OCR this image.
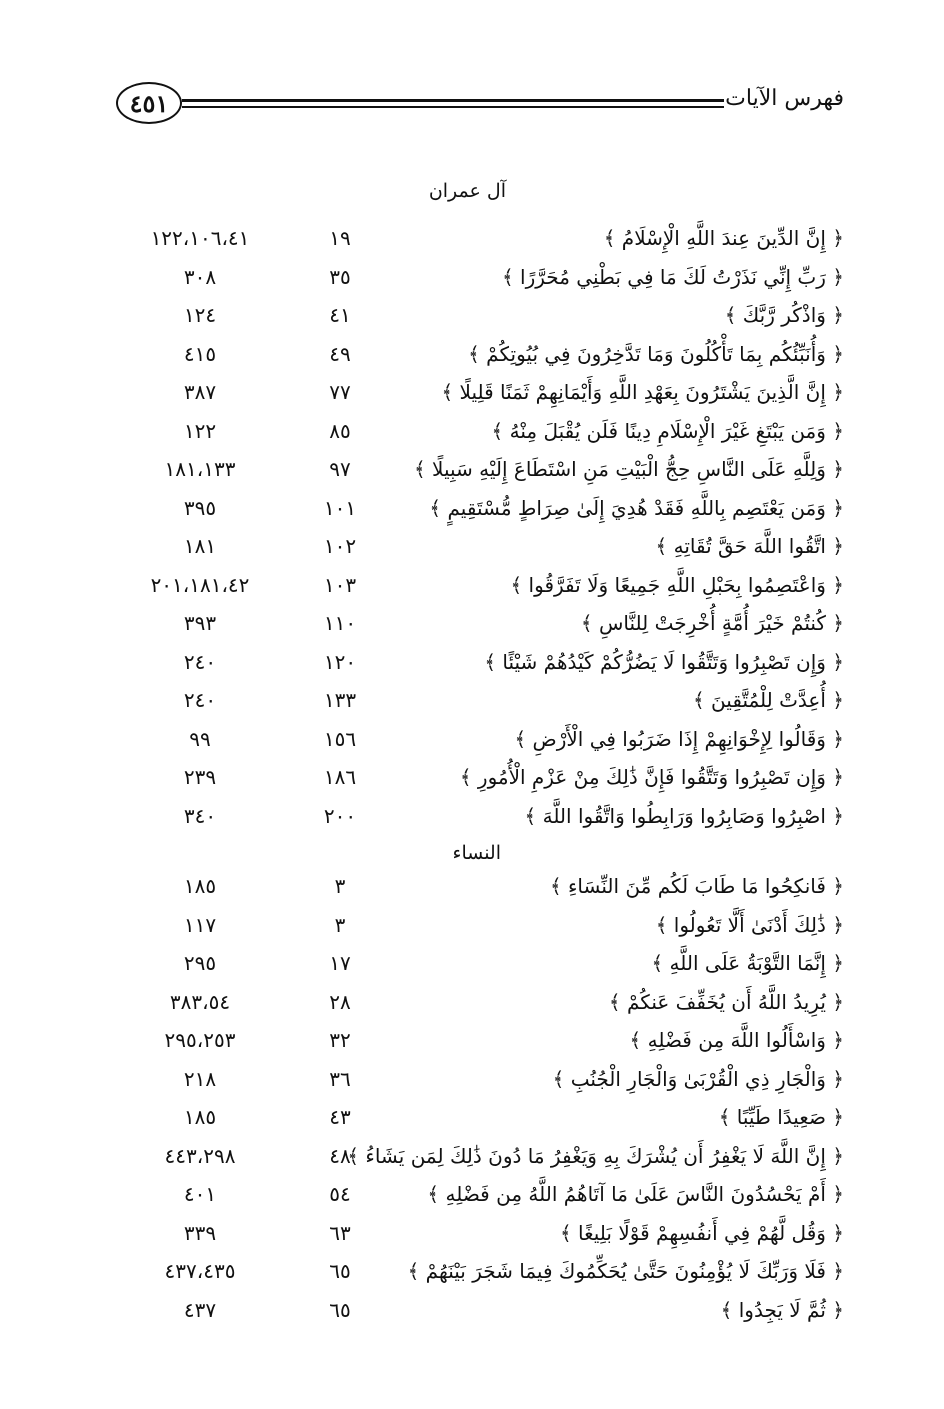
٤٥١	فهرس الآيات
آل عمران
﴿ إِنَّ الدِّينَ عِندَ اللَّهِ الْإِسْلَامُ ﴾
١٩
١٢٢،١٠٦،٤١
﴿ رَبِّ إِنِّي نَذَرْتُ لَكَ مَا فِي بَطْنِي مُحَرَّرًا ﴾
٣٥
٣٠٨
﴿ وَاذْكُر رَّبَّكَ ﴾
٤١
١٢٤
﴿ وَأُنَبِّئُكُم بِمَا تَأْكُلُونَ وَمَا تَدَّخِرُونَ فِي بُيُوتِكُمْ ﴾
٤٩
٤١٥
﴿ إِنَّ الَّذِينَ يَشْتَرُونَ بِعَهْدِ اللَّهِ وَأَيْمَانِهِمْ ثَمَنًا قَلِيلًا ﴾
٧٧
٣٨٧
﴿ وَمَن يَبْتَغِ غَيْرَ الْإِسْلَامِ دِينًا فَلَن يُقْبَلَ مِنْهُ ﴾
٨٥
١٢٢
﴿ وَلِلَّهِ عَلَى النَّاسِ حِجُّ الْبَيْتِ مَنِ اسْتَطَاعَ إِلَيْهِ سَبِيلًا ﴾
٩٧
١٨١،١٣٣
﴿ وَمَن يَعْتَصِم بِاللَّهِ فَقَدْ هُدِيَ إِلَىٰ صِرَاطٍ مُّسْتَقِيمٍ ﴾
١٠١
٣٩٥
﴿ اتَّقُوا اللَّهَ حَقَّ تُقَاتِهِ ﴾
١٠٢
١٨١
﴿ وَاعْتَصِمُوا بِحَبْلِ اللَّهِ جَمِيعًا وَلَا تَفَرَّقُوا ﴾
١٠٣
٢٠١،١٨١،٤٢
﴿ كُنتُمْ خَيْرَ أُمَّةٍ أُخْرِجَتْ لِلنَّاسِ ﴾
١١٠
٣٩٣
﴿ وَإِن تَصْبِرُوا وَتَتَّقُوا لَا يَضُرُّكُمْ كَيْدُهُمْ شَيْئًا ﴾
١٢٠
٢٤٠
﴿ أُعِدَّتْ لِلْمُتَّقِينَ ﴾
١٣٣
٢٤٠
﴿ وَقَالُوا لِإِخْوَانِهِمْ إِذَا ضَرَبُوا فِي الْأَرْضِ ﴾
١٥٦
٩٩
﴿ وَإِن تَصْبِرُوا وَتَتَّقُوا فَإِنَّ ذَٰلِكَ مِنْ عَزْمِ الْأُمُورِ ﴾
١٨٦
٢٣٩
﴿ اصْبِرُوا وَصَابِرُوا وَرَابِطُوا وَاتَّقُوا اللَّهَ ﴾
٢٠٠
٣٤٠
النساء
﴿ فَانكِحُوا مَا طَابَ لَكُم مِّنَ النِّسَاءِ ﴾
٣
١٨٥
﴿ ذَٰلِكَ أَدْنَىٰ أَلَّا تَعُولُوا ﴾
٣
١١٧
﴿ إِنَّمَا التَّوْبَةُ عَلَى اللَّهِ ﴾
١٧
٢٩٥
﴿ يُرِيدُ اللَّهُ أَن يُخَفِّفَ عَنكُمْ ﴾
٢٨
٣٨٣،٥٤
﴿ وَاسْأَلُوا اللَّهَ مِن فَضْلِهِ ﴾
٣٢
٢٩٥،٢٥٣
﴿ وَالْجَارِ ذِي الْقُرْبَىٰ وَالْجَارِ الْجُنُبِ ﴾
٣٦
٢١٨
﴿ صَعِيدًا طَيِّبًا ﴾
٤٣
١٨٥
﴿ إِنَّ اللَّهَ لَا يَغْفِرُ أَن يُشْرَكَ بِهِ وَيَغْفِرُ مَا دُونَ ذَٰلِكَ لِمَن يَشَاءُ ﴾
٤٨
٤٤٣،٢٩٨
﴿ أَمْ يَحْسُدُونَ النَّاسَ عَلَىٰ مَا آتَاهُمُ اللَّهُ مِن فَضْلِهِ ﴾
٥٤
٤٠١
﴿ وَقُل لَّهُمْ فِي أَنفُسِهِمْ قَوْلًا بَلِيغًا ﴾
٦٣
٣٣٩
﴿ فَلَا وَرَبِّكَ لَا يُؤْمِنُونَ حَتَّىٰ يُحَكِّمُوكَ فِيمَا شَجَرَ بَيْنَهُمْ ﴾
٦٥
٤٣٧،٤٣٥
﴿ ثُمَّ لَا يَجِدُوا ﴾
٦٥
٤٣٧
